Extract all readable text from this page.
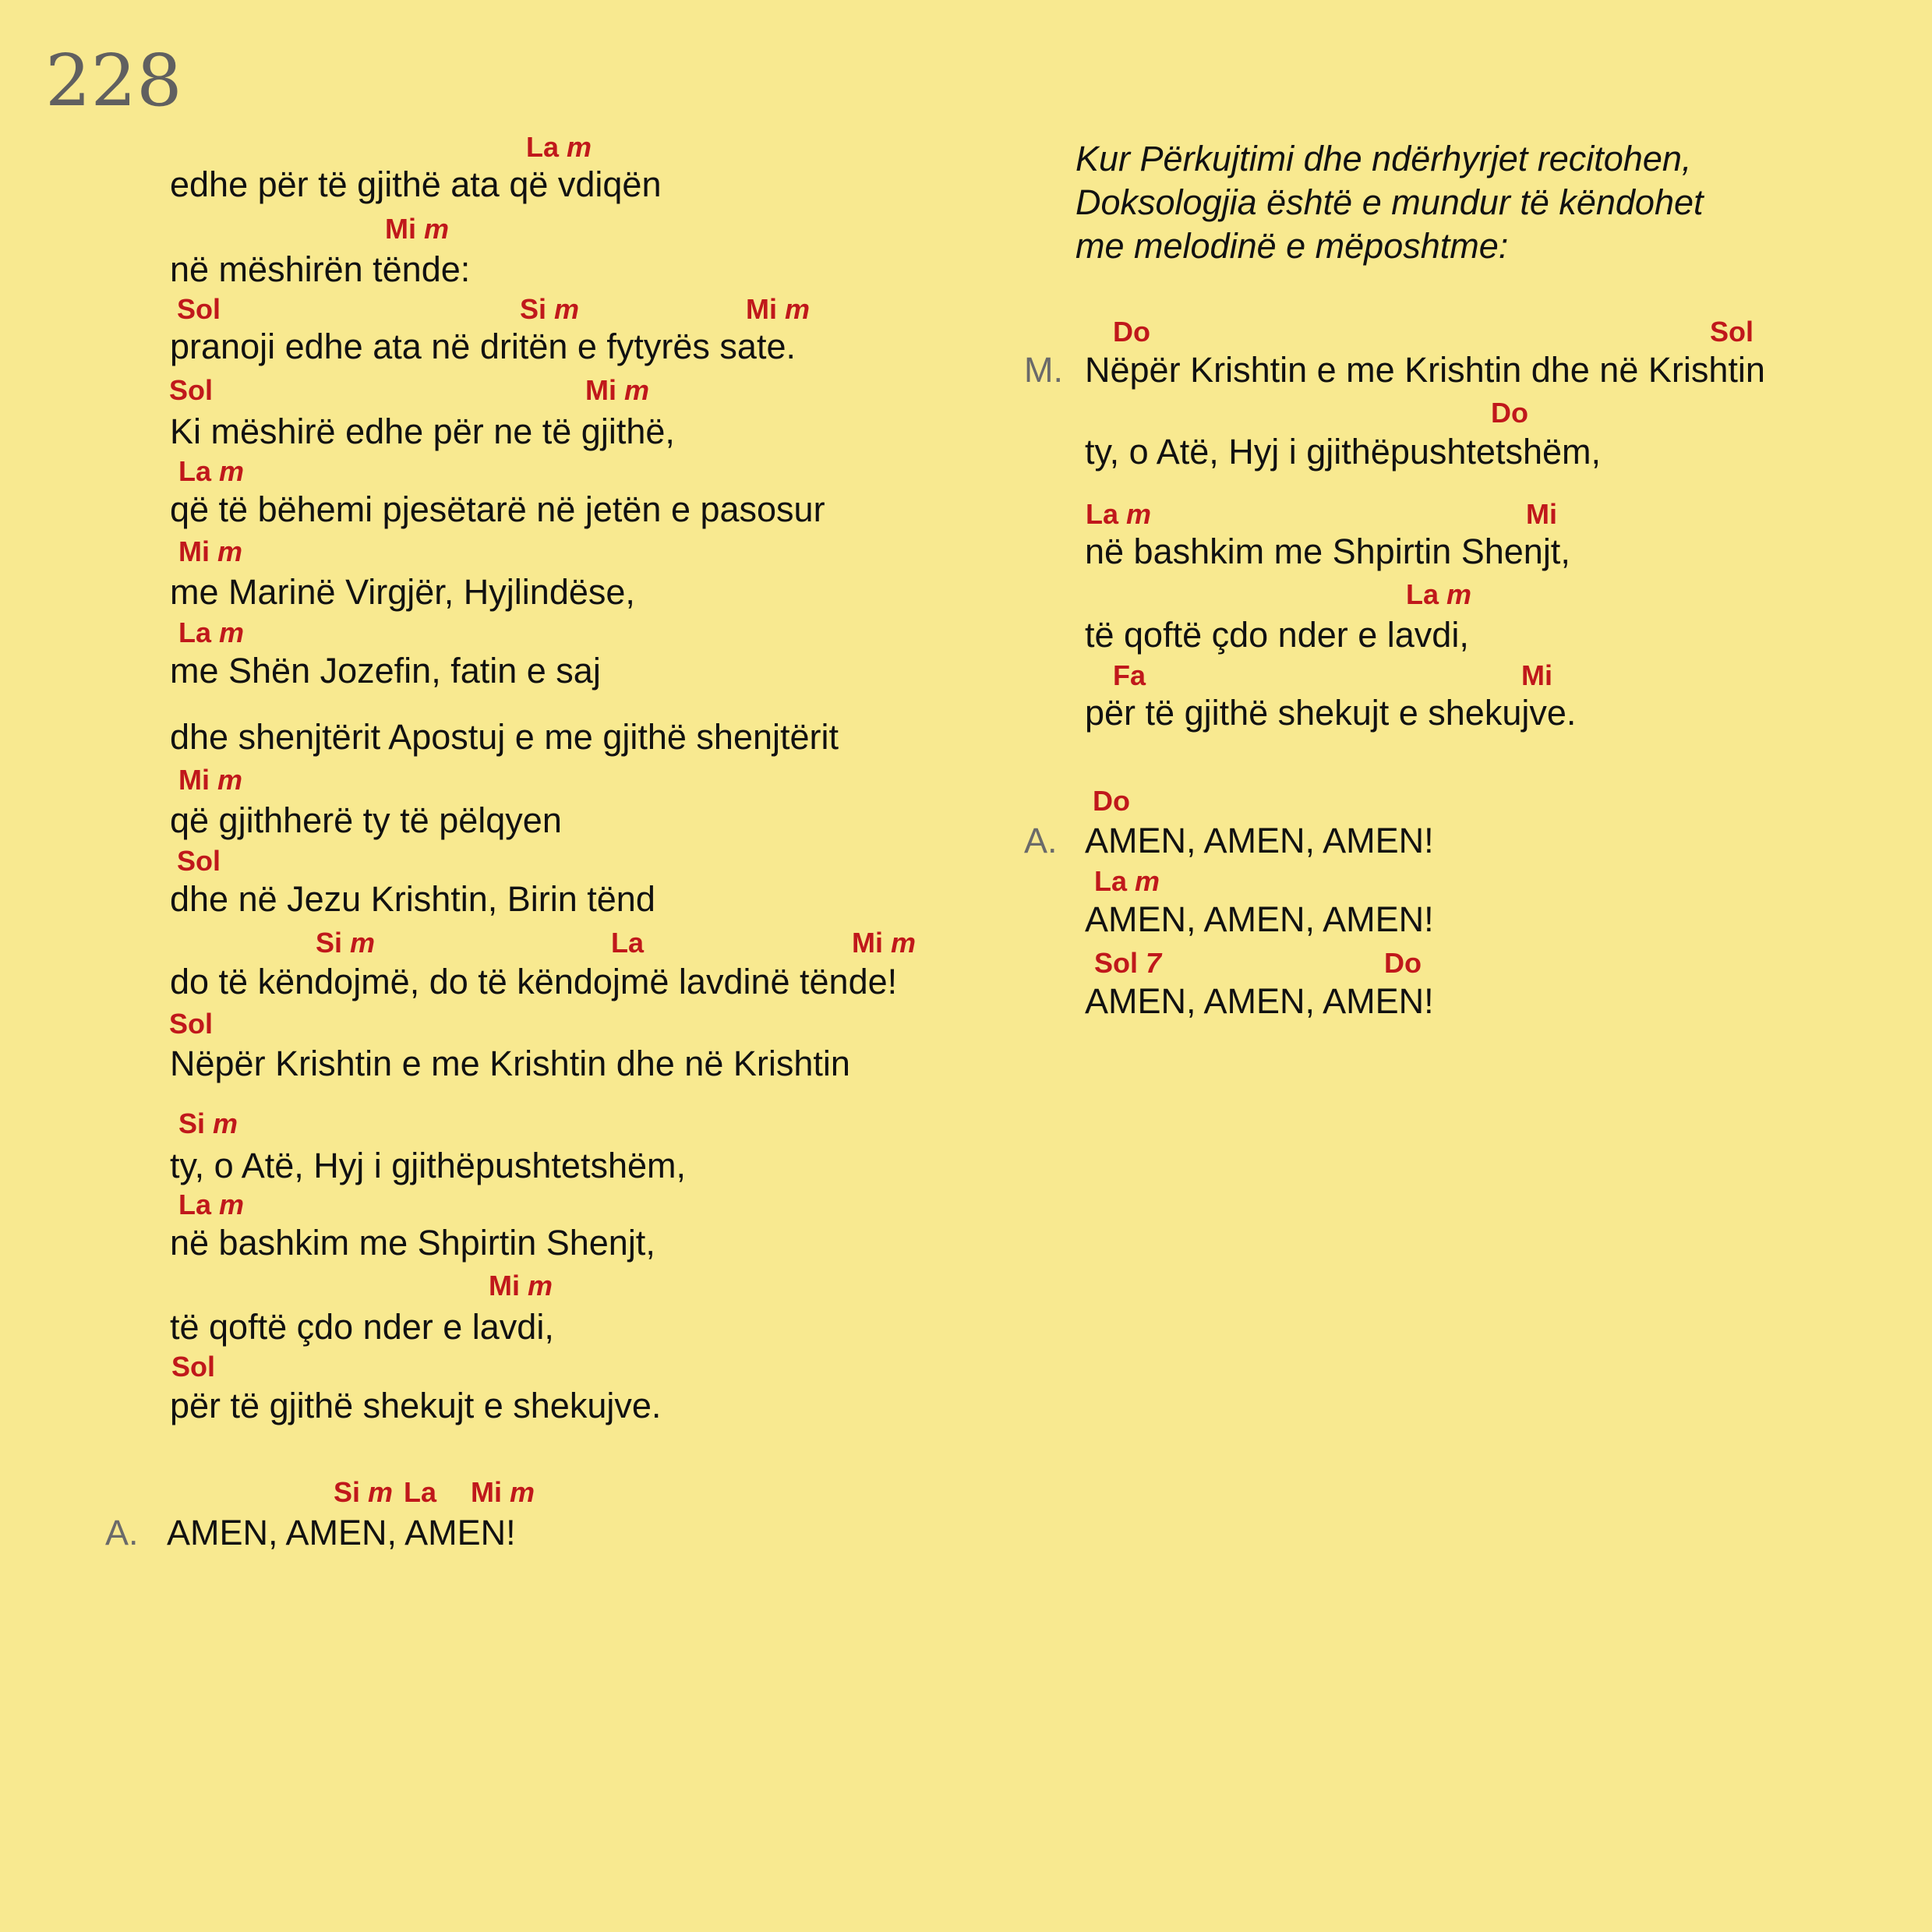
228
La m
edhe për të gjithë ata që vdiqën
Mi m
në mëshirën tënde:
Sol	Si m	Mi m
pranoji edhe ata në dritën e fytyrës sate.
Sol	Mi m
Ki mëshirë edhe për ne të gjithë,
La m
që të bëhemi pjesëtarë në jetën e pasosur
Mi m
me Marinë Virgjër, Hyjlindëse,
La m
me Shën Jozefin, fatin e saj
dhe shenjtërit Apostuj e me gjithë shenjtërit
Mi m
që gjithherë ty të pëlqyen
Sol
dhe në Jezu Krishtin, Birin tënd
Si m	La	Mi m
do të këndojmë, do të këndojmë lavdinë tënde!
Sol
Nëpër Krishtin e me Krishtin dhe në Krishtin
Si m
ty, o Atë, Hyj i gjithëpushtetshëm,
La m
në bashkim me Shpirtin Shenjt,
Mi m
të qoftë çdo nder e lavdi,
Sol
për të gjithë shekujt e shekujve.
Si m La Mi m
A. AMEN, AMEN, AMEN!
Kur Përkujtimi dhe ndërhyrjet recitohen,
Doksologjia është e mundur të këndohet
me melodinë e mëposhtme:
Do	Sol
M. Nëpër Krishtin e me Krishtin dhe në Krishtin
Do
ty, o Atë, Hyj i gjithëpushtetshëm,
La m	Mi
në bashkim me Shpirtin Shenjt,
La m
të qoftë çdo nder e lavdi,
Fa	Mi
për të gjithë shekujt e shekujve.
Do
A. AMEN, AMEN, AMEN!
La m
AMEN, AMEN, AMEN!
Sol 7	Do
AMEN, AMEN, AMEN!
